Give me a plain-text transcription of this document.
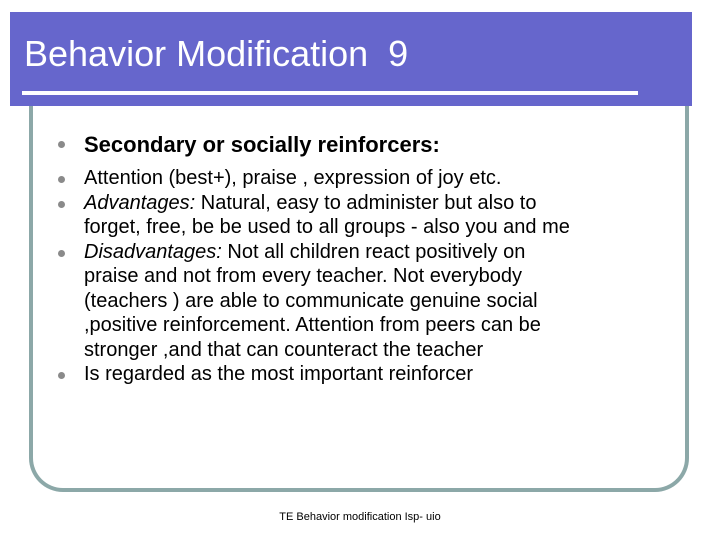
Behavior Modification  9
Secondary or socially reinforcers:
Attention (best+), praise , expression of joy etc.
Advantages: Natural, easy to administer but also to
forget, free, be be used to all groups - also you and me
Disadvantages: Not all children react positively on
praise and not from every teacher. Not everybody
(teachers ) are able to communicate genuine social
,positive reinforcement. Attention from peers can be
stronger ,and that can counteract the teacher
Is regarded as the most important reinforcer
TE Behavior modification Isp- uio
